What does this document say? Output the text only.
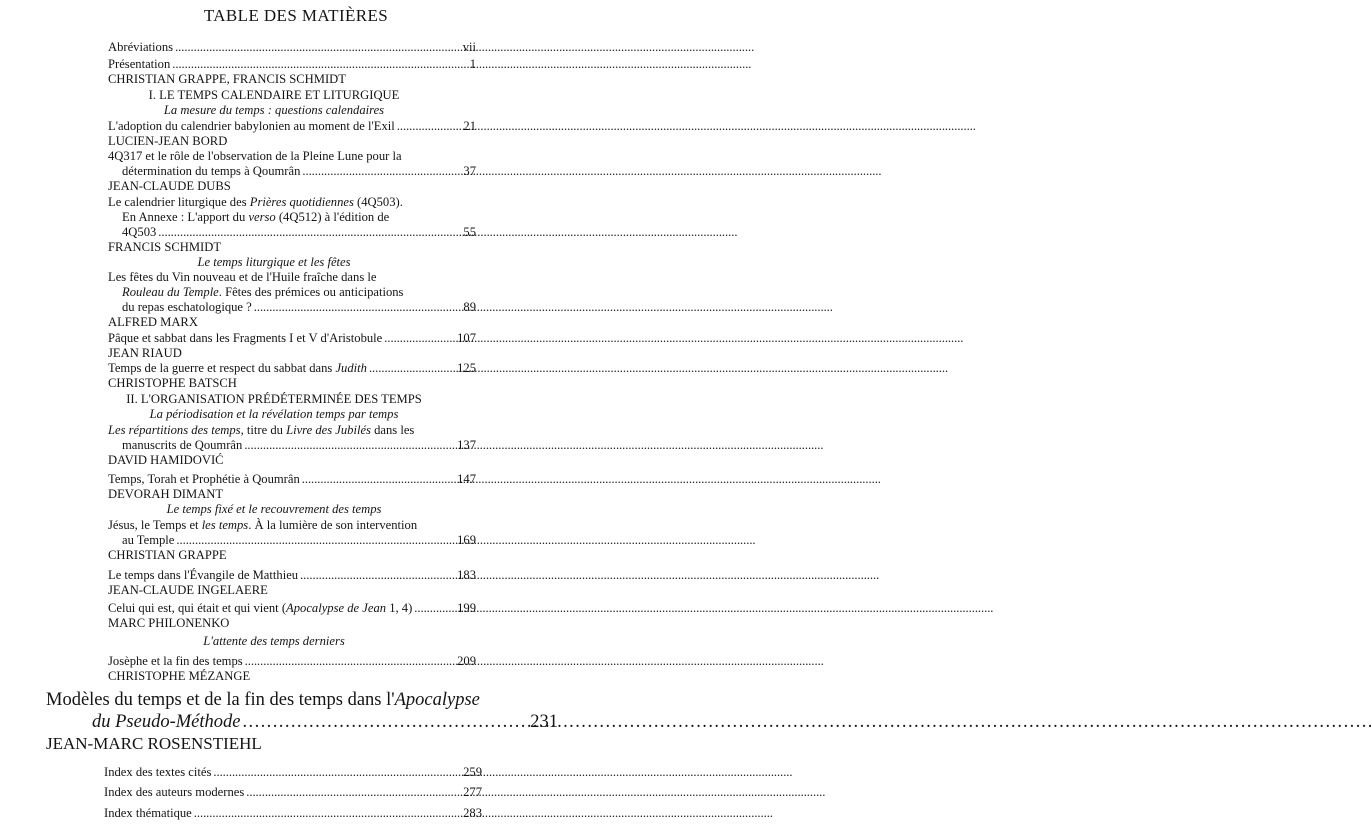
TABLE DES MATIÈRES
Abréviations . . .	vii
Présentation . . .	1
CHRISTIAN GRAPPE, FRANCIS SCHMIDT
I. LE TEMPS CALENDAIRE ET LITURGIQUE
La mesure du temps : questions calendaires
L'adoption du calendrier babylonien au moment de l'Exil . . .	21
LUCIEN-JEAN BORD
4Q317 et le rôle de l'observation de la Pleine Lune pour la
détermination du temps à Qoumrân . . .	37
JEAN-CLAUDE DUBS
Le calendrier liturgique des Prières quotidiennes (4Q503).
En Annexe : L'apport du verso (4Q512) à l'édition de
4Q503 . . .	55
FRANCIS SCHMIDT
Le temps liturgique et les fêtes
Les fêtes du Vin nouveau et de l'Huile fraîche dans le
Rouleau du Temple. Fêtes des prémices ou anticipations
du repas eschatologique ? . . .	89
ALFRED MARX
Pâque et sabbat dans les Fragments I et V d'Aristobule . . .	107
JEAN RIAUD
Temps de la guerre et respect du sabbat dans Judith . . .	125
CHRISTOPHE BATSCH
II. L'ORGANISATION PRÉDÉTERMINÉE DES TEMPS
La périodisation et la révélation temps par temps
Les répartitions des temps, titre du Livre des Jubilés dans les
manuscrits de Qoumrân . . .	137
DAVID HAMIDOVIĆ
Temps, Torah et Prophétie à Qoumrân . . .	147
DEVORAH DIMANT
Le temps fixé et le recouvrement des temps
Jésus, le Temps et les temps. À la lumière de son intervention
au Temple . . .	169
CHRISTIAN GRAPPE
Le temps dans l'Évangile de Matthieu . . .	183
JEAN-CLAUDE INGELAERE
Celui qui est, qui était et qui vient (Apocalypse de Jean 1, 4) . . .	199
MARC PHILONENKO
L'attente des temps derniers
Josèphe et la fin des temps . . .	209
CHRISTOPHE MÉZANGE
Modèles du temps et de la fin des temps dans l'Apocalypse
du Pseudo-Méthode . . .	231
JEAN-MARC ROSENSTIEHL
Index des textes cités . . .	259
Index des auteurs modernes . . .	277
Index thématique . . .	283
